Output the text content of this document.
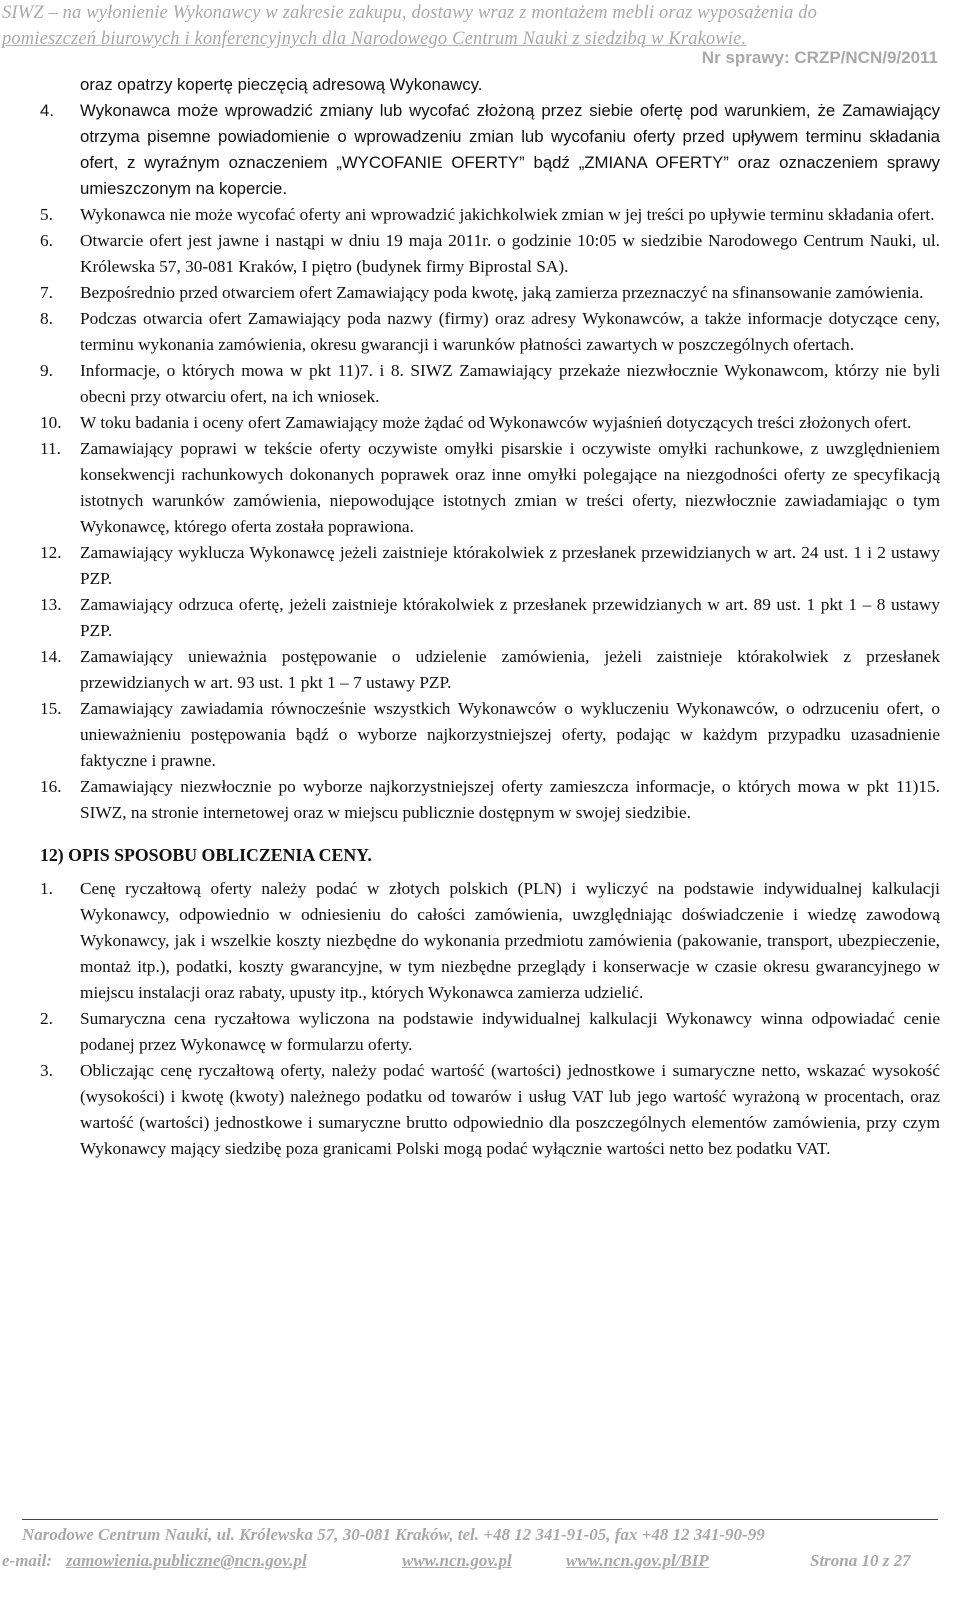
SIWZ – na wyłonienie Wykonawcy w zakresie zakupu, dostawy wraz z montażem mebli oraz wyposażenia do
pomieszczeń biurowych i konferencyjnych dla Narodowego Centrum Nauki z siedzibą w Krakowie.
Nr sprawy: CRZP/NCN/9/2011
oraz opatrzy kopertę pieczęcią adresową Wykonawcy.
4. Wykonawca może wprowadzić zmiany lub wycofać złożoną przez siebie ofertę pod warunkiem, że Zamawiający otrzyma pisemne powiadomienie o wprowadzeniu zmian lub wycofaniu oferty przed upływem terminu składania ofert, z wyraźnym oznaczeniem „WYCOFANIE OFERTY” bądź „ZMIANA OFERTY” oraz oznaczeniem sprawy umieszczonym na kopercie.
5. Wykonawca nie może wycofać oferty ani wprowadzić jakichkolwiek zmian w jej treści po upływie terminu składania ofert.
6. Otwarcie ofert jest jawne i nastąpi w dniu 19 maja 2011r. o godzinie 10:05 w siedzibie Narodowego Centrum Nauki, ul. Królewska 57, 30-081 Kraków, I piętro (budynek firmy Biprostal SA).
7. Bezpośrednio przed otwarciem ofert Zamawiający poda kwotę, jaką zamierza przeznaczyć na sfinansowanie zamówienia.
8. Podczas otwarcia ofert Zamawiający poda nazwy (firmy) oraz adresy Wykonawców, a także informacje dotyczące ceny, terminu wykonania zamówienia, okresu gwarancji i warunków płatności zawartych w poszczególnych ofertach.
9. Informacje, o których mowa w pkt 11)7. i 8. SIWZ Zamawiający przekaże niezwłocznie Wykonawcom, którzy nie byli obecni przy otwarciu ofert, na ich wniosek.
10. W toku badania i oceny ofert Zamawiający może żądać od Wykonawców wyjaśnień dotyczących treści złożonych ofert.
11. Zamawiający poprawi w tekście oferty oczywiste omyłki pisarskie i oczywiste omyłki rachunkowe, z uwzględnieniem konsekwencji rachunkowych dokonanych poprawek oraz inne omyłki polegające na niezgodności oferty ze specyfikacją istotnych warunków zamówienia, niepowodujące istotnych zmian w treści oferty, niezwłocznie zawiadamiając o tym Wykonawcę, którego oferta została poprawiona.
12. Zamawiający wyklucza Wykonawcę jeżeli zaistnieje którakolwiek z przesłanek przewidzianych w art. 24 ust. 1 i 2 ustawy PZP.
13. Zamawiający odrzuca ofertę, jeżeli zaistnieje którakolwiek z przesłanek przewidzianych w art. 89 ust. 1 pkt 1 – 8 ustawy PZP.
14. Zamawiający unieważnia postępowanie o udzielenie zamówienia, jeżeli zaistnieje którakolwiek z przesłanek przewidzianych w art. 93 ust. 1 pkt 1 – 7 ustawy PZP.
15. Zamawiający zawiadamia równocześnie wszystkich Wykonawców o wykluczeniu Wykonawców, o odrzuceniu ofert, o unieważnieniu postępowania bądź o wyborze najkorzystniejszej oferty, podając w każdym przypadku uzasadnienie faktyczne i prawne.
16. Zamawiający niezwłocznie po wyborze najkorzystniejszej oferty zamieszcza informacje, o których mowa w pkt 11)15. SIWZ, na stronie internetowej oraz w miejscu publicznie dostępnym w swojej siedzibie.
12) OPIS SPOSOBU OBLICZENIA CENY.
1. Cenę ryczałtową oferty należy podać w złotych polskich (PLN) i wyliczyć na podstawie indywidualnej kalkulacji Wykonawcy, odpowiednio w odniesieniu do całości zamówienia, uwzględniając doświadczenie i wiedzę zawodową Wykonawcy, jak i wszelkie koszty niezbędne do wykonania przedmiotu zamówienia (pakowanie, transport, ubezpieczenie, montaż itp.), podatki, koszty gwarancyjne, w tym niezbędne przeglądy i konserwacje w czasie okresu gwarancyjnego w miejscu instalacji oraz rabaty, upusty itp., których Wykonawca zamierza udzielić.
2. Sumaryczna cena ryczałtowa wyliczona na podstawie indywidualnej kalkulacji Wykonawcy winna odpowiadać cenie podanej przez Wykonawcę w formularzu oferty.
3. Obliczając cenę ryczałtową oferty, należy podać wartość (wartości) jednostkowe i sumaryczne netto, wskazać wysokość (wysokości) i kwotę (kwoty) należnego podatku od towarów i usług VAT lub jego wartość wyrażoną w procentach, oraz wartość (wartości) jednostkowe i sumaryczne brutto odpowiednio dla poszczególnych elementów zamówienia, przy czym Wykonawcy mający siedzibę poza granicami Polski mogą podać wyłącznie wartości netto bez podatku VAT.
Narodowe Centrum Nauki, ul. Królewska 57, 30-081 Kraków, tel. +48 12 341-91-05, fax +48 12 341-90-99
e-mail: zamowienia.publiczne@ncn.gov.pl	www.ncn.gov.pl	www.ncn.gov.pl/BIP	Strona 10 z 27
